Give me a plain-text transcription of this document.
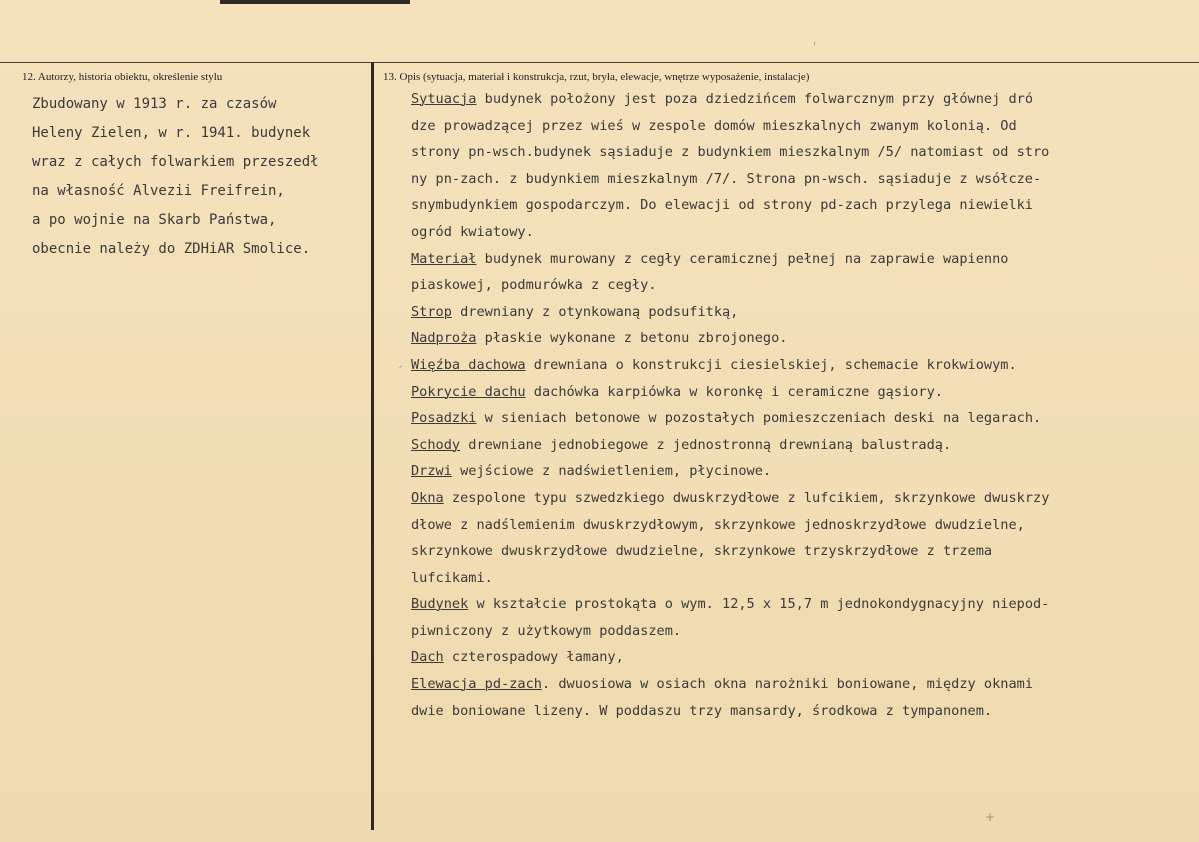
12. Autorzy, historia obiektu, określenie stylu	13. Opis (sytuacja, materiał i konstrukcja, rzut, bryła, elewacje, wnętrze wyposażenie, instalacje)
Zbudowany w 1913 r. za czasów
Heleny Zielen, w r. 1941. budynek
wraz z całych folwarkiem przeszedł
na własność Alvezii Freifrein,
a po wojnie na Skarb Państwa,
obecnie należy do ZDHiAR Smolice.
Sytuacja budynek położony jest poza dziedzińcem folwarcznym przy głównej drό
dze prowadzącej przez wieś w zespole domów mieszkalnych zwanym kolonią. Od
strony pn-wsch.budynek sąsiaduje z budynkiem mieszkalnym /5/ natomiast od stro
ny pn-zach. z budynkiem mieszkalnym /7/. Strona pn-wsch. sąsiaduje z wsółcze-
snymbudynkiem gospodarczym. Do elewacji od strony pd-zach przylega niewielki
ogród kwiatowy.
Materiał budynek murowany z cegły ceramicznej pełnej na zaprawie wapienno
piaskowej, podmurówka z cegły.
Strop drewniany z otynkowaną podsufitką,
Nadproża płaskie wykonane z betonu zbrojonego.
Więźba dachowa drewniana o konstrukcji ciesielskiej, schemacie krokwiowym.
Pokrycie dachu dachówka karpiówka w koronkę i ceramiczne gąsiory.
Posadzki w sieniach betonowe w pozostałych pomieszczeniach deski na legarach.
Schody drewniane jednobiegowe z jednostronną drewnianą balustradą.
Drzwi wejściowe z nadświetleniem, płycinowe.
Okna zespolone typu szwedzkiego dwuskrzydłowe z lufcikiem, skrzynkowe dwuskrzy
dłowe z nadślemienim dwuskrzydłowym, skrzynkowe jednoskrzydłowe dwudzielne,
skrzynkowe dwuskrzydłowe dwudzielne, skrzynkowe trzyskrzydłowe z trzema
lufcikami.
Budynek w kształcie prostokąta o wym. 12,5 x 15,7 m jednokondygnacyjny niepod-
piwniczony z użytkowym poddaszem.
Dach czterospadowy łamany,
Elewacja pd-zach. dwuosiowa w osiach okna narożniki boniowane, między oknami
dwie boniowane lizeny. W poddaszu trzy mansardy, środkowa z tympanonem.
ˈ
ˏ
+
